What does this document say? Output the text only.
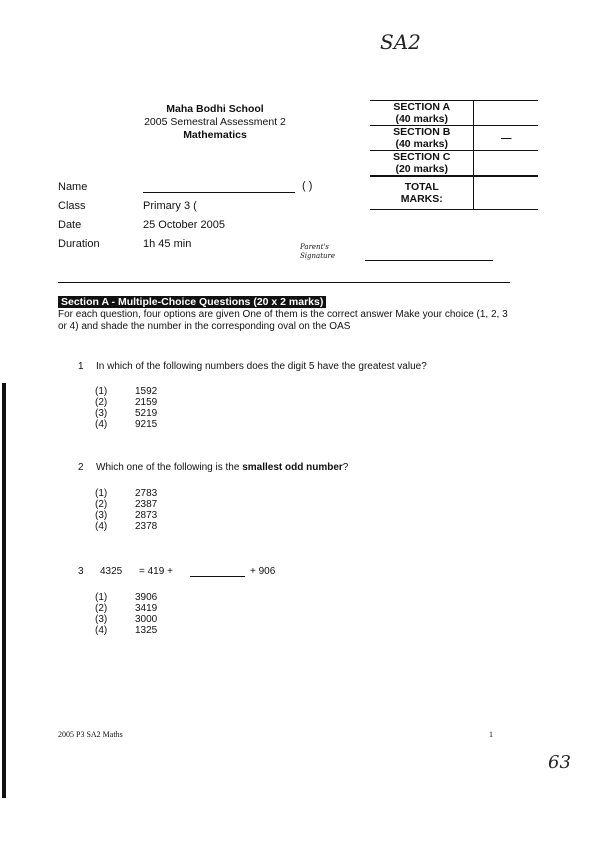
SA2
63
Maha Bodhi School
2005 Semestral Assessment 2
Mathematics
Name	( )
Class	Primary 3 (
Date	25 October 2005
Duration	1h 45 min	Parent's
Signature
SECTION A
(40 marks)	

SECTION B
(40 marks)	—

SECTION C
(20 marks)	

TOTAL
MARKS:	

Section A - Multiple-Choice Questions (20 x 2 marks)
For each question, four options are given One of them is the correct answer Make your choice (1, 2, 3 or 4) and shade the number in the corresponding oval on the OAS
1 In which of the following numbers does the digit 5 have the greatest value?
(1)	1592
(2)	2159
(3)	5219
(4)	9215
2 Which one of the following is the smallest odd number?
(1)	2783
(2)	2387
(3)	2873
(4)	2378
3 4325 = 419 +	+ 906
(1)	3906
(2)	3419
(3)	3000
(4)	1325
2005 P3 SA2 Maths	1
